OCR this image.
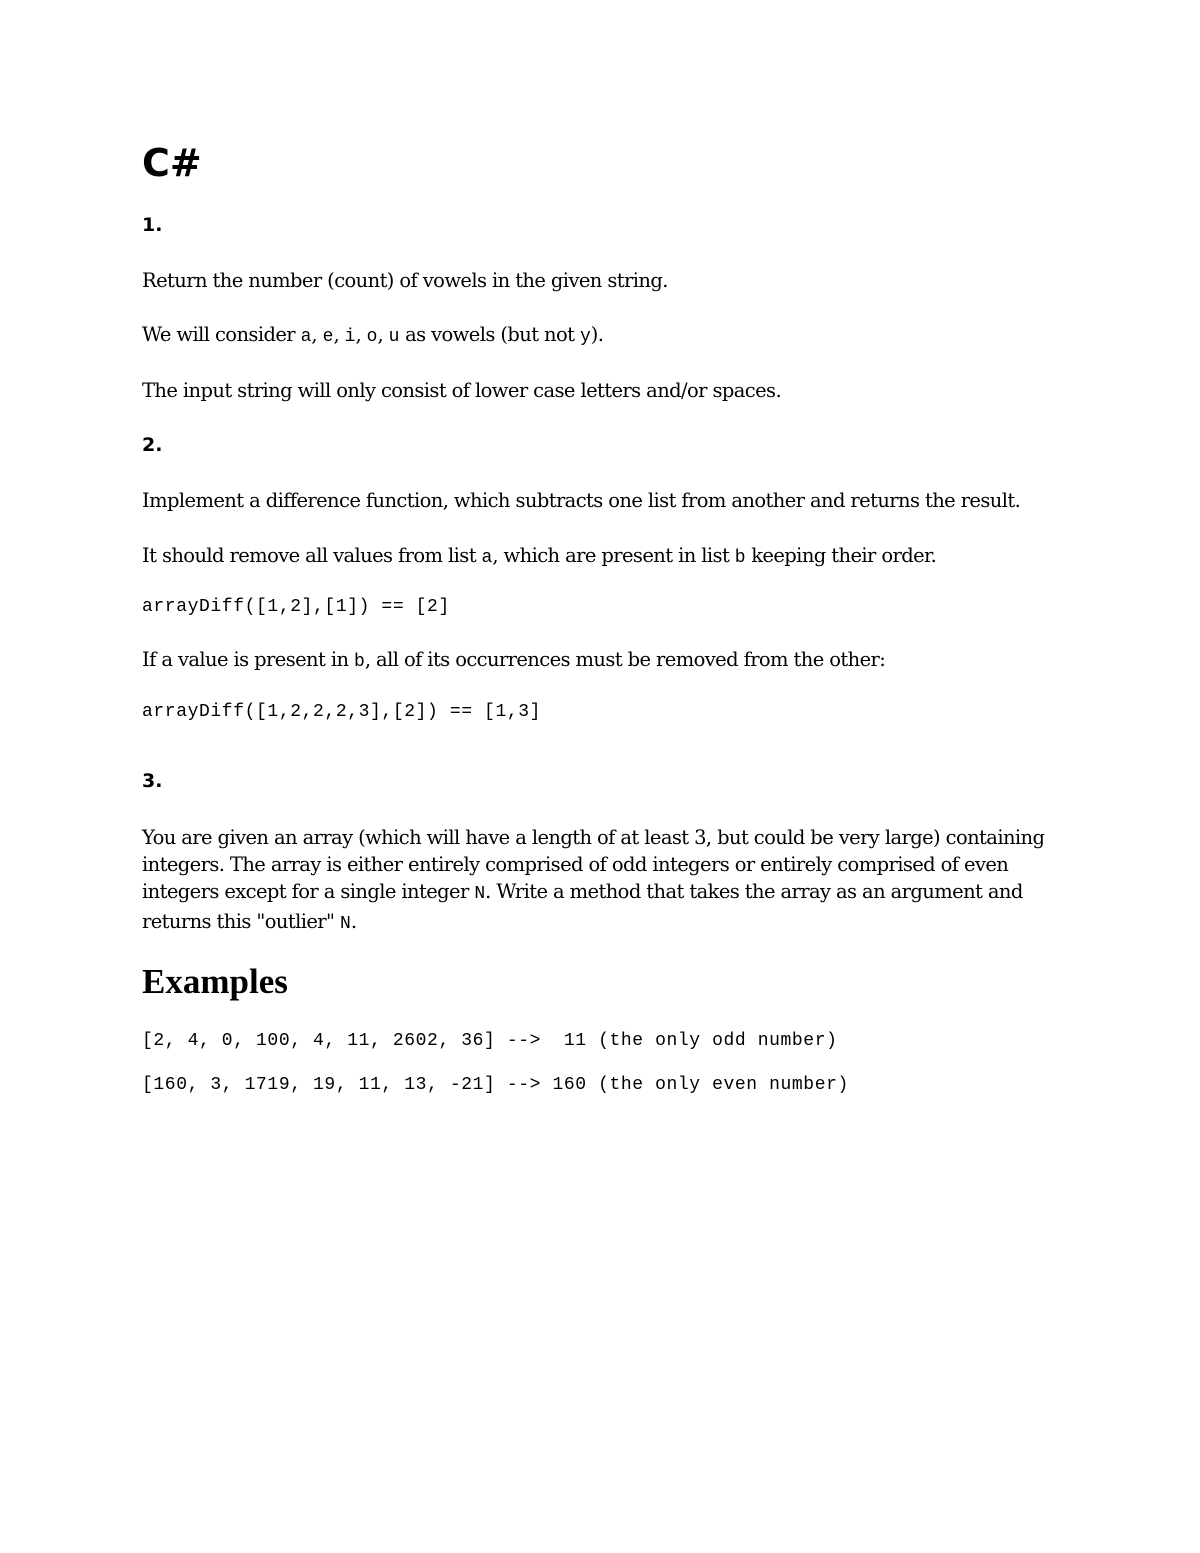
C#
1.

Return the number (count) of vowels in the given string.

We will consider a, e, i, o, u as vowels (but not y).

The input string will only consist of lower case letters and/or spaces.

2.

Implement a difference function, which subtracts one list from another and returns the result.

It should remove all values from list a, which are present in list b keeping their order.

arrayDiff([1,2],[1]) == [2]

If a value is present in b, all of its occurrences must be removed from the other:

arrayDiff([1,2,2,2,3],[2]) == [1,3]
3.

You are given an array (which will have a length of at least 3, but could be very large) containing integers. The array is either entirely comprised of odd integers or entirely comprised of even integers except for a single integer N. Write a method that takes the array as an argument and returns this "outlier" N.

Examples
[2, 4, 0, 100, 4, 11, 2602, 36] -->  11 (the only odd number)
[160, 3, 1719, 19, 11, 13, -21] --> 160 (the only even number)
